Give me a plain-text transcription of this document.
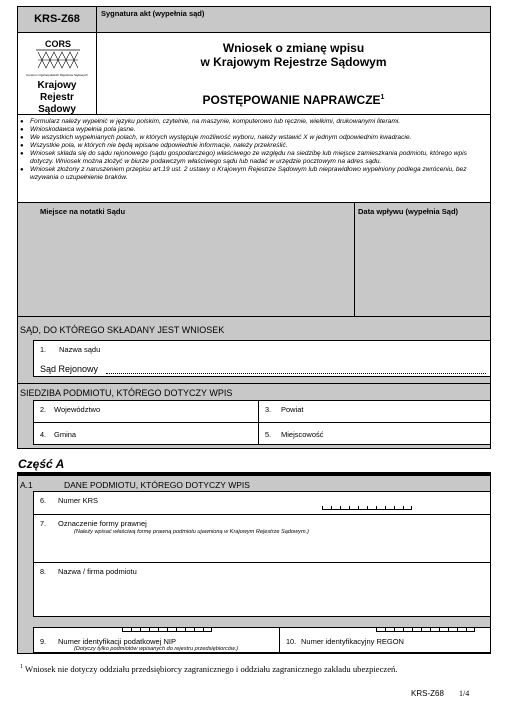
KRS-Z68	Sygnatura akt (wypełnia sąd)
CORS
Centrum Ogólnopolskich Rejestrów Sądowych
Krajowy Rejestr Sądowy
Wniosek o zmianę wpisu
w Krajowym Rejestrze Sądowym
POSTĘPOWANIE NAPRAWCZE$^1$
● Formularz należy wypełnić w języku polskim, czytelnie, na maszynie, komputerowo lub ręcznie, wielkimi, drukowanymi literami.
● Wnioskodawca wypełnia pola jasne.
● We wszystkich wypełnianych polach, w których występuje możliwość wyboru, należy wstawić X w jednym odpowiednim kwadracie.
● Wszystkie pola, w których nie będą wpisane odpowiednie informacje, należy przekreślić.
● Wniosek składa się do sądu rejonowego (sądu gospodarczego) właściwego ze względu na siedzibę lub miejsce zamieszkania podmiotu, którego wpis dotyczy. Wniosek można złożyć w biurze podawczym właściwego sądu lub nadać w urzędzie pocztowym na adres sądu.
● Wniosek złożony z naruszeniem przepisu art.19 ust. 2 ustawy o Krajowym Rejestrze Sądowym lub nieprawidłowo wypełniony podlega zwróceniu, bez wzywania o uzupełnienie braków.
Miejsce na notatki Sądu	Data wpływu (wypełnia Sąd)
SĄD, DO KTÓREGO SKŁADANY JEST WNIOSEK
1. Nazwa sądu
Sąd Rejonowy
SIEDZIBA PODMIOTU, KTÓREGO DOTYCZY WPIS
2. Województwo	3. Powiat
4. Gmina	5. Miejscowość
Część A
A.1	DANE PODMIOTU, KTÓREGO DOTYCZY WPIS
6. Numer KRS
7. Oznaczenie formy prawnej
(Należy wpisać właściwą formę prawną podmiotu ujawnioną w Krajowym Rejestrze Sądowym.)
8. Nazwa / firma podmiotu
9. Numer identyfikacji podatkowej NIP
(Dotyczy tylko podmiotów wpisanych do rejestru przedsiębiorców.)
10. Numer identyfikacyjny REGON
$^1$ Wniosek nie dotyczy oddziału przedsiębiorcy zagranicznego i oddziału zagranicznego zakładu ubezpieczeń.
KRS-Z68 1/4
